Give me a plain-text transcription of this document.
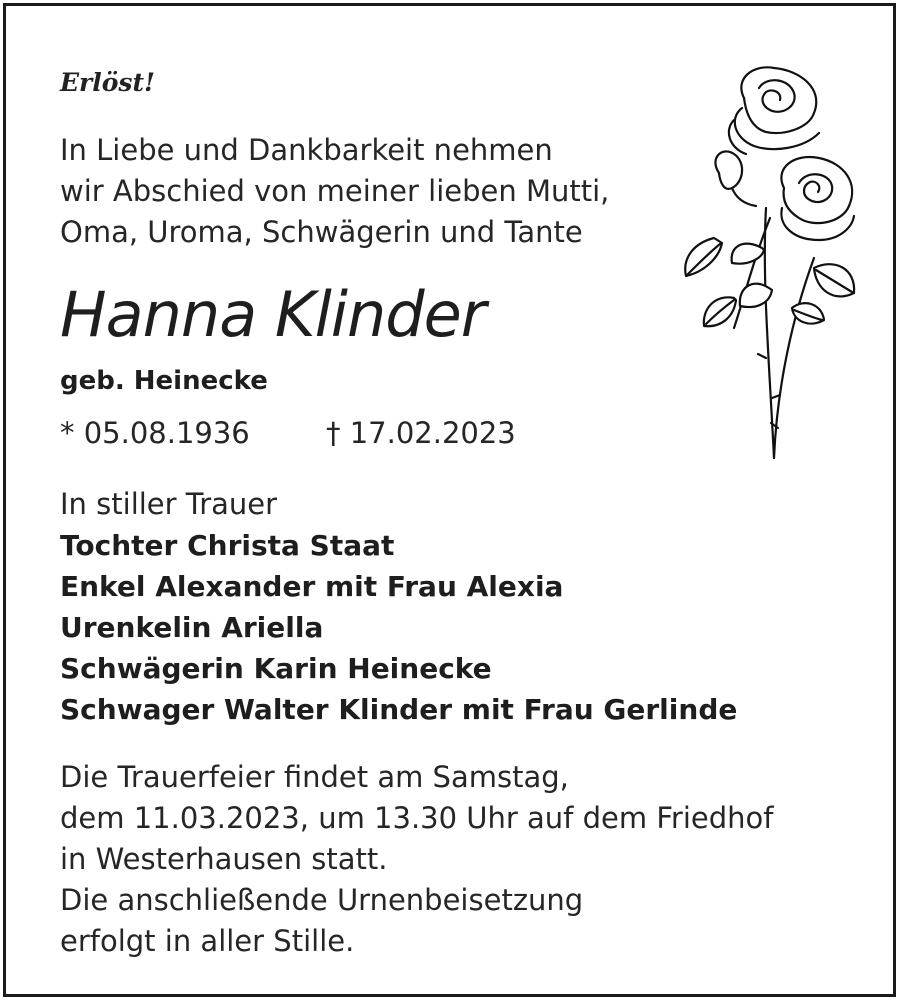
Erlöst!
In Liebe und Dankbarkeit nehmen
wir Abschied von meiner lieben Mutti,
Oma, Uroma, Schwägerin und Tante
Hanna Klinder
geb. Heinecke
* 05.08.1936	† 17.02.2023
In stiller Trauer
Tochter Christa Staat
Enkel Alexander mit Frau Alexia
Urenkelin Ariella
Schwägerin Karin Heinecke
Schwager Walter Klinder mit Frau Gerlinde
Die Trauerfeier findet am Samstag,
dem 11.03.2023, um 13.30 Uhr auf dem Friedhof
in Westerhausen statt.
Die anschließende Urnenbeisetzung
erfolgt in aller Stille.
